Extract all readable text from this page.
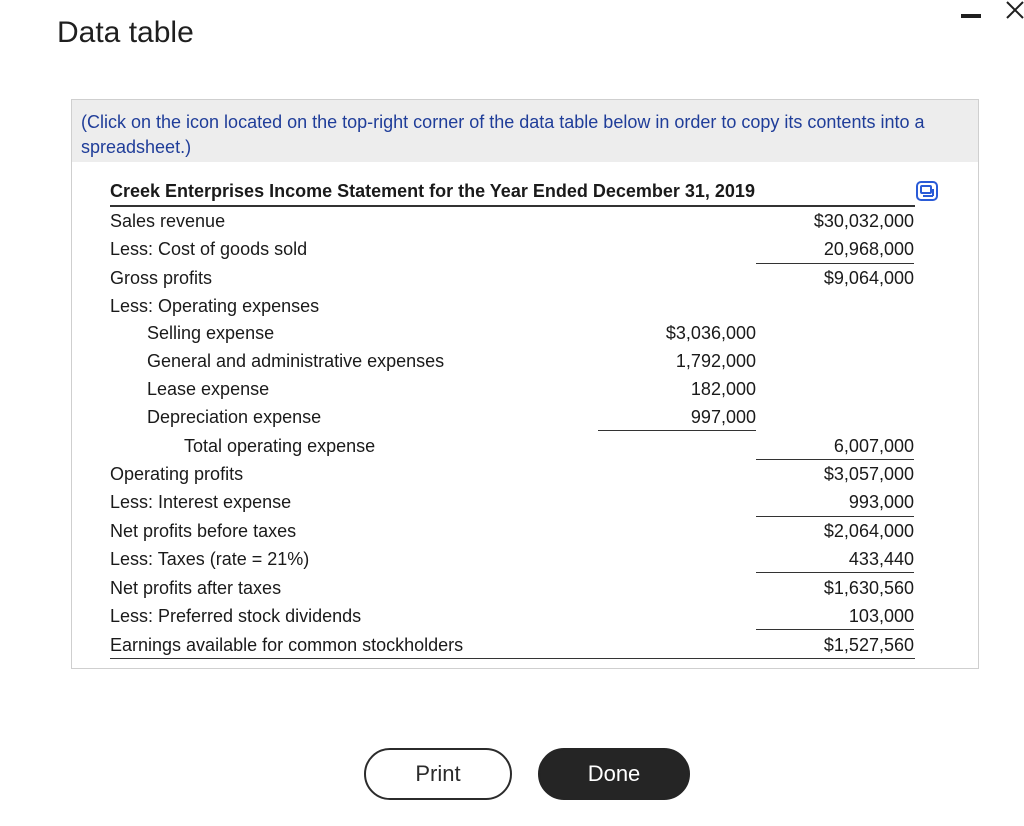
Data table
(Click on the icon located on the top-right corner of the data table below in order to copy its contents into a spreadsheet.)
Creek Enterprises Income Statement for the Year Ended December 31, 2019
Sales revenue	$30,032,000
Less: Cost of goods sold	20,968,000
Gross profits	$9,064,000
Less: Operating expenses
Selling expense	$3,036,000
General and administrative expenses	1,792,000
Lease expense	182,000
Depreciation expense	997,000
Total operating expense	6,007,000
Operating profits	$3,057,000
Less: Interest expense	993,000
Net profits before taxes	$2,064,000
Less: Taxes (rate = 21%)	433,440
Net profits after taxes	$1,630,560
Less: Preferred stock dividends	103,000
Earnings available for common stockholders	$1,527,560
Print	Done
